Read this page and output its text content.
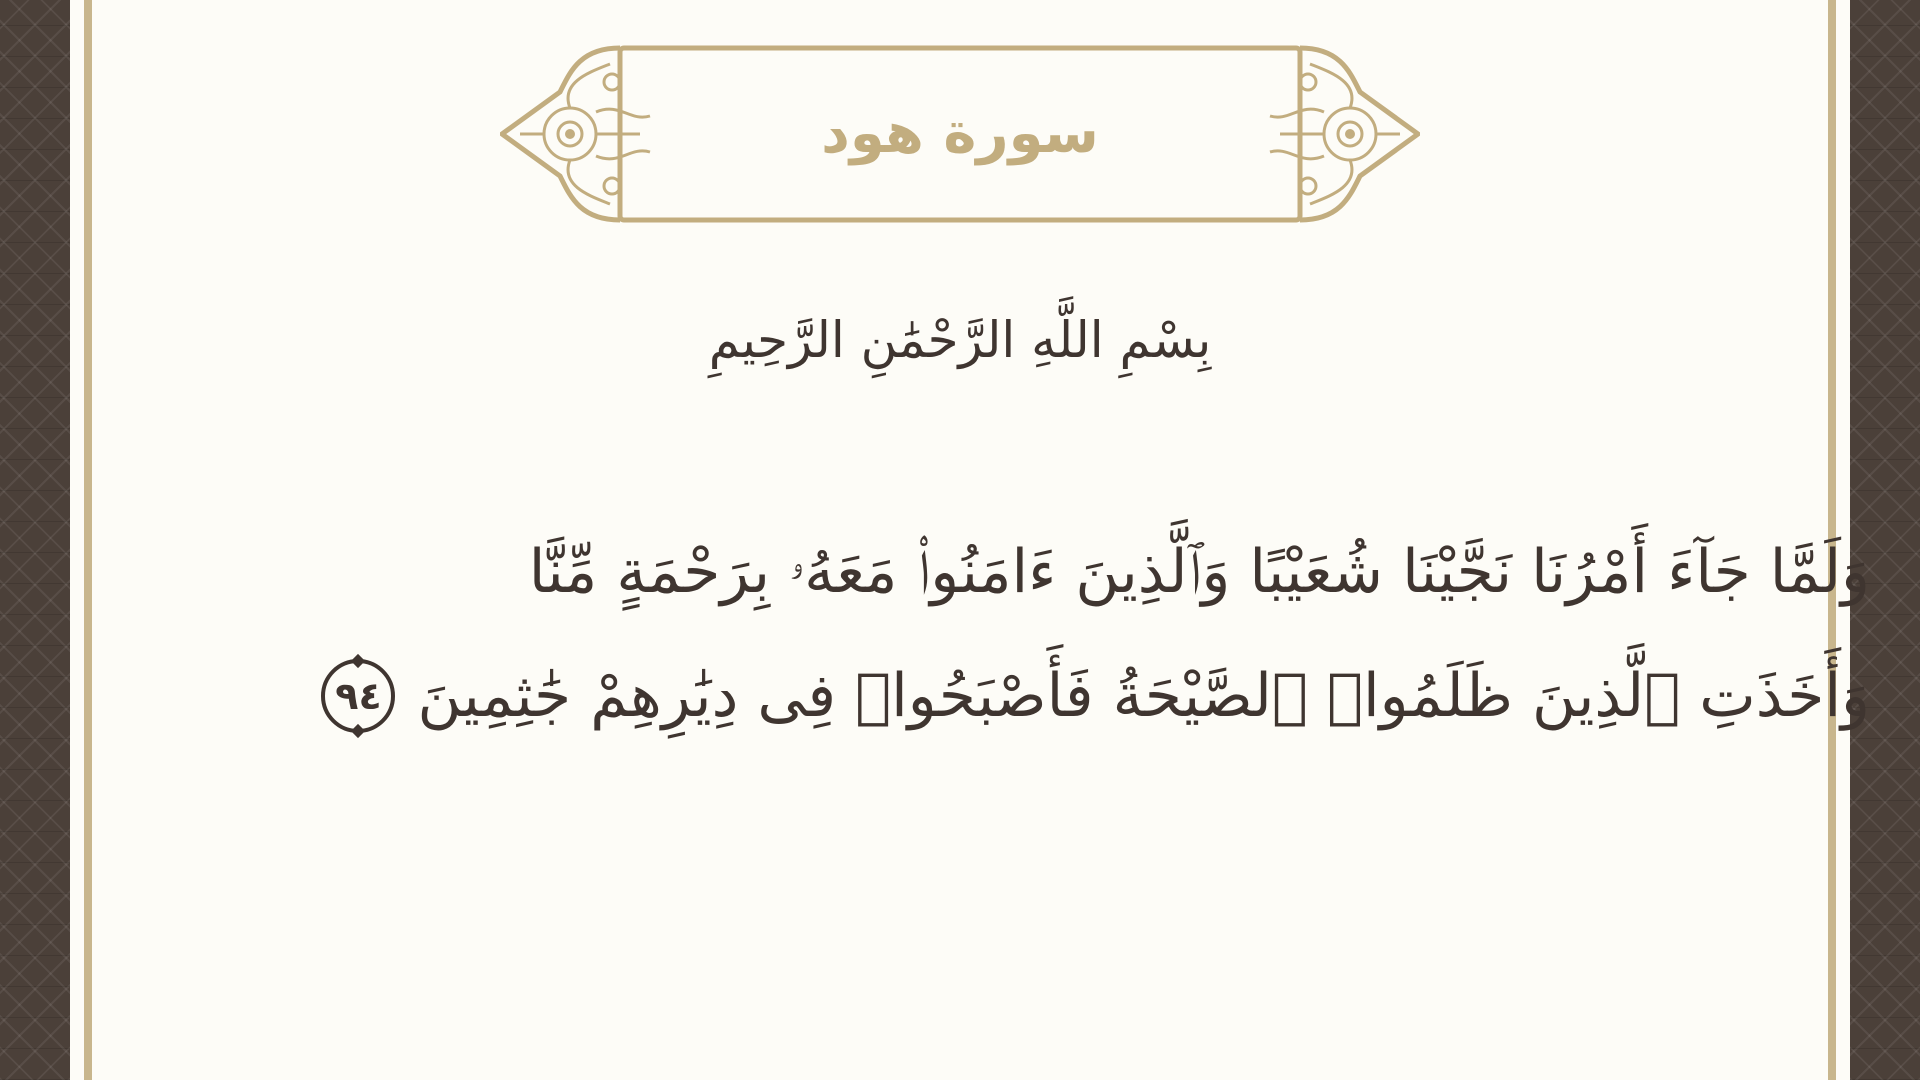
سورة هود
بِسْمِ اللَّهِ الرَّحْمَٰنِ الرَّحِيمِ
وَلَمَّا جَآءَ أَمْرُنَا نَجَّيْنَا شُعَيْبًا وَٱلَّذِينَ ءَامَنُوا۟ مَعَهُۥ بِرَحْمَةٍ مِّنَّا
وَأَخَذَتِ ٱلَّذِينَ ظَلَمُوا۟ ٱلصَّيْحَةُ فَأَصْبَحُوا۟ فِى دِيَٰرِهِمْ جَٰثِمِينَ
٩٤
